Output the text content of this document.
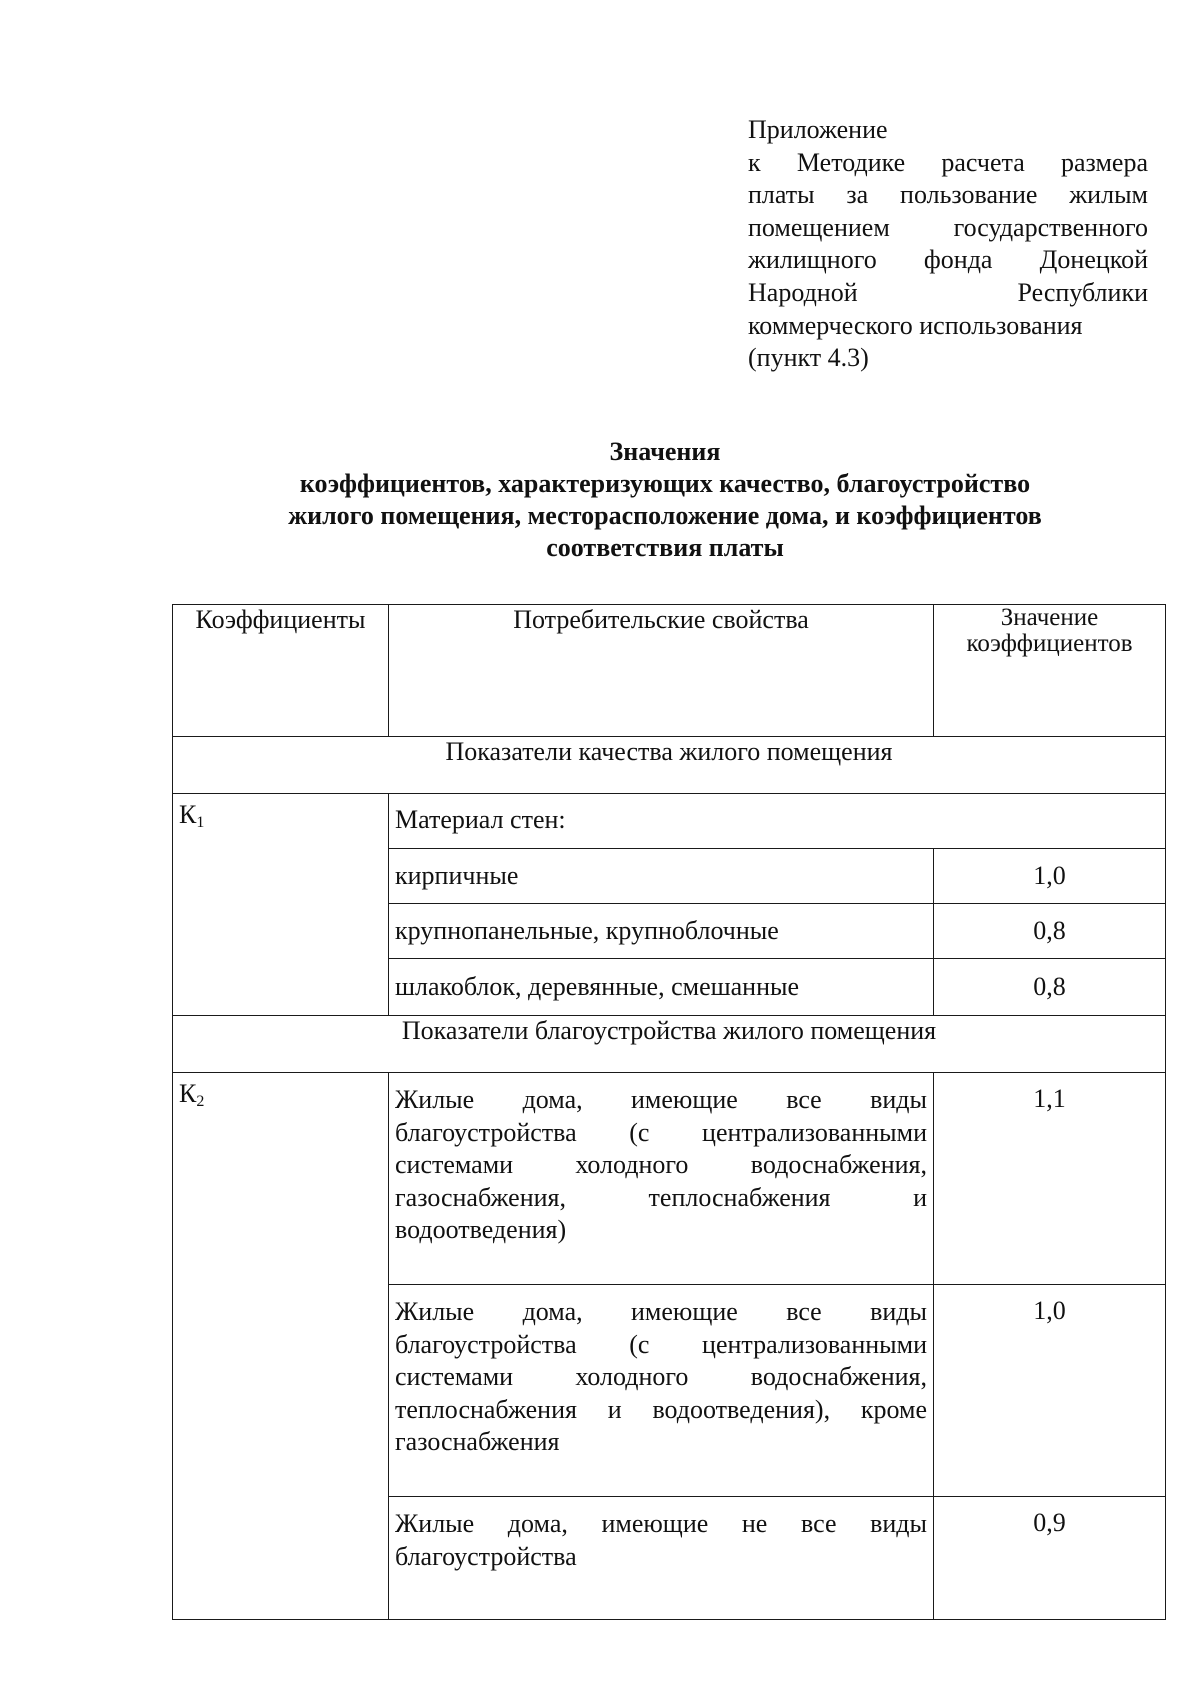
Приложение
к Методике расчета размера
платы за пользование жилым
помещением государственного
жилищного фонда Донецкой
Народной Республики
коммерческого использования
(пункт 4.3)
Значения
коэффициентов, характеризующих качество, благоустройство
жилого помещения, месторасположение дома, и коэффициентов
соответствия платы
Коэффициенты	Потребительские свойства	Значение
коэффициентов

Показатели качества жилого помещения		
$К_1$	Материал стен:	
	кирпичные	1,0
	крупнопанельные, крупноблочные	0,8
	шлакоблок, деревянные, смешанные	0,8
Показатели благоустройства жилого помещения		
$К_2$	Жилые дома, имеющие все виды
благоустройства (с централизованными
системами холодного водоснабжения,
газоснабжения, теплоснабжения и
водоотведения)	1,1

	Жилые дома, имеющие все виды
благоустройства (с централизованными
системами холодного водоснабжения,
теплоснабжения и водоотведения), кроме
газоснабжения	1,0

	Жилые дома, имеющие не все виды
благоустройства	0,9
